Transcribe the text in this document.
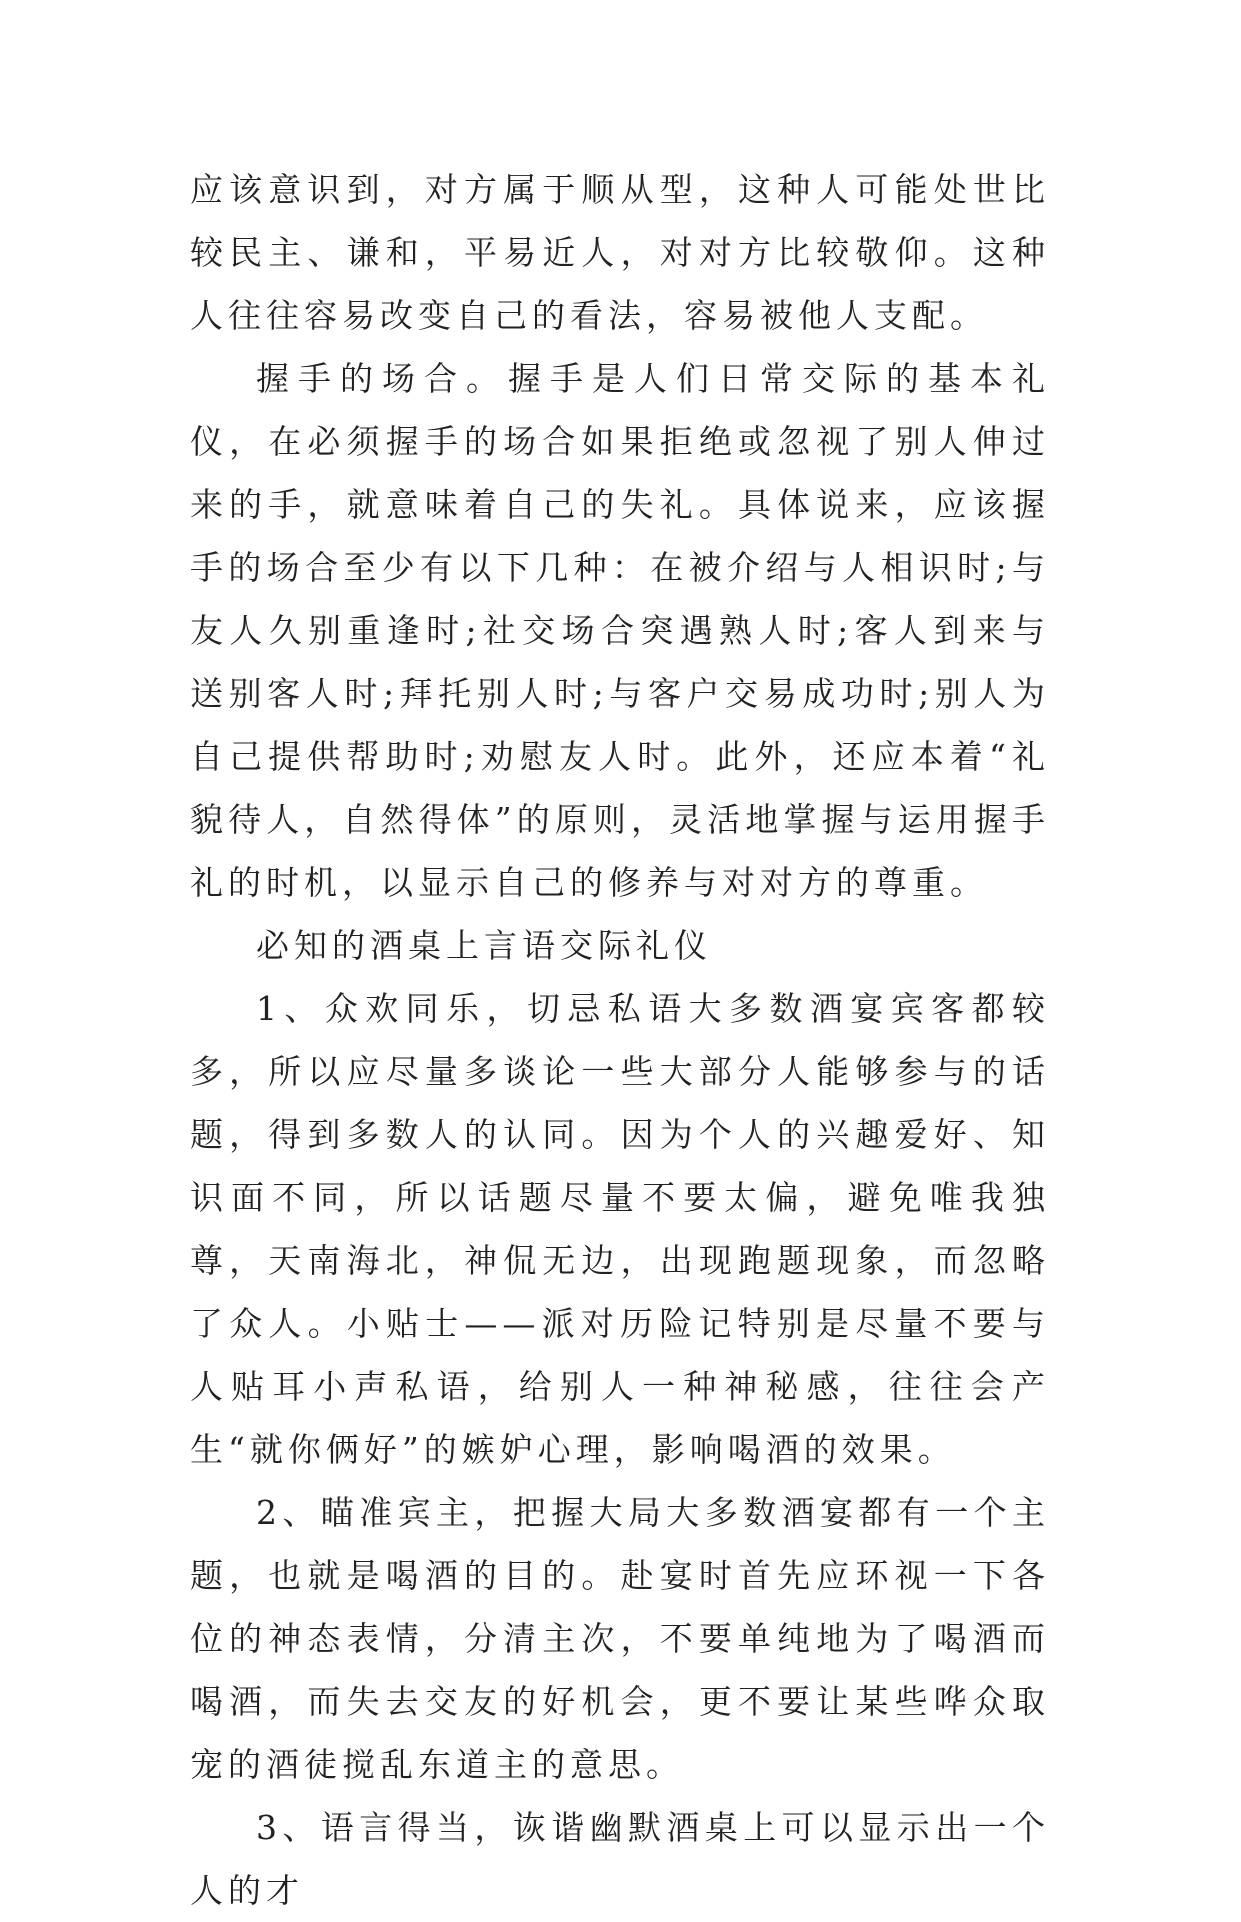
应该意识到，对方属于顺从型，这种人可能处世比较民主、谦和，平易近人，对对方比较敬仰。这种人往往容易改变自己的看法，容易被他人支配。

握手的场合。握手是人们日常交际的基本礼仪，在必须握手的场合如果拒绝或忽视了别人伸过来的手，就意味着自己的失礼。具体说来，应该握手的场合至少有以下几种：在被介绍与人相识时;与友人久别重逢时;社交场合突遇熟人时;客人到来与送别客人时;拜托别人时;与客户交易成功时;别人为自己提供帮助时;劝慰友人时。此外，还应本着“礼貌待人，自然得体”的原则，灵活地掌握与运用握手礼的时机，以显示自己的修养与对对方的尊重。

必知的酒桌上言语交际礼仪

1、众欢同乐，切忌私语大多数酒宴宾客都较多，所以应尽量多谈论一些大部分人能够参与的话题，得到多数人的认同。因为个人的兴趣爱好、知识面不同，所以话题尽量不要太偏，避免唯我独尊，天南海北，神侃无边，出现跑题现象，而忽略了众人。小贴士——派对历险记特别是尽量不要与人贴耳小声私语，给别人一种神秘感，往往会产生“就你俩好”的嫉妒心理，影响喝酒的效果。

2、瞄准宾主，把握大局大多数酒宴都有一个主题，也就是喝酒的目的。赴宴时首先应环视一下各位的神态表情，分清主次，不要单纯地为了喝酒而喝酒，而失去交友的好机会，更不要让某些哗众取宠的酒徒搅乱东道主的意思。

3、语言得当，诙谐幽默酒桌上可以显示出一个人的才
